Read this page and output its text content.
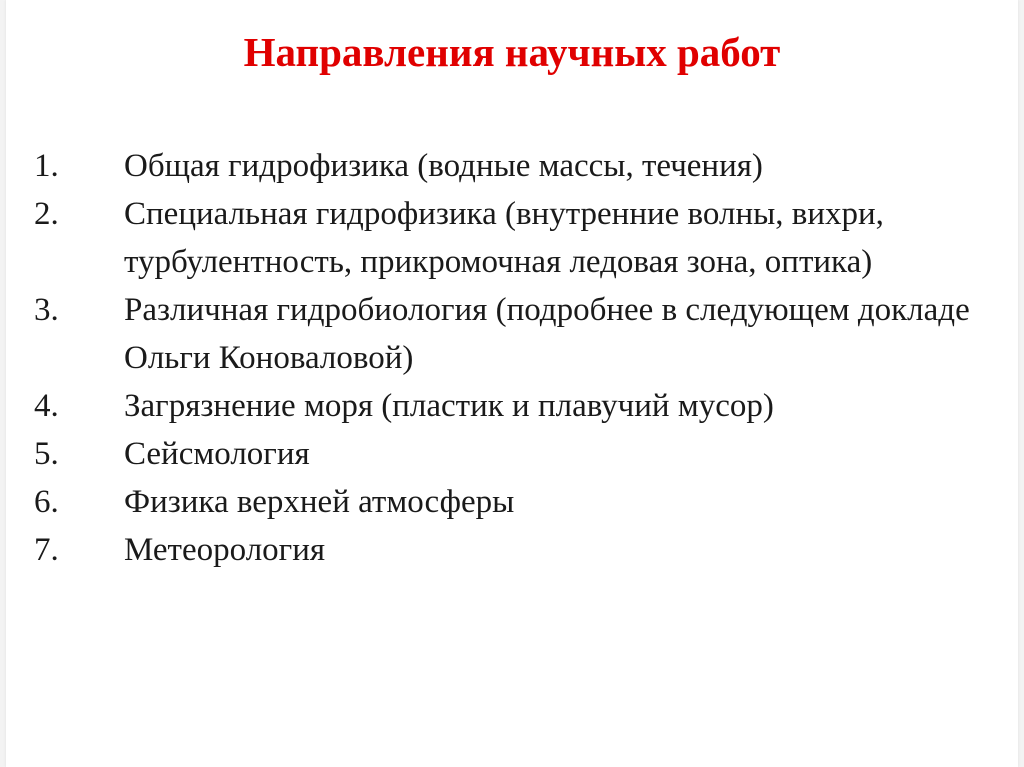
Направления научных работ
1.	Общая гидрофизика (водные массы, течения)
2.	Специальная гидрофизика (внутренние волны, вихри, турбулентность, прикромочная ледовая зона, оптика)
3.	Различная гидробиология (подробнее в следующем докладе Ольги Коноваловой)
4.	Загрязнение моря (пластик и плавучий мусор)
5.	Сейсмология
6.	Физика верхней атмосферы
7.	Метеорология
